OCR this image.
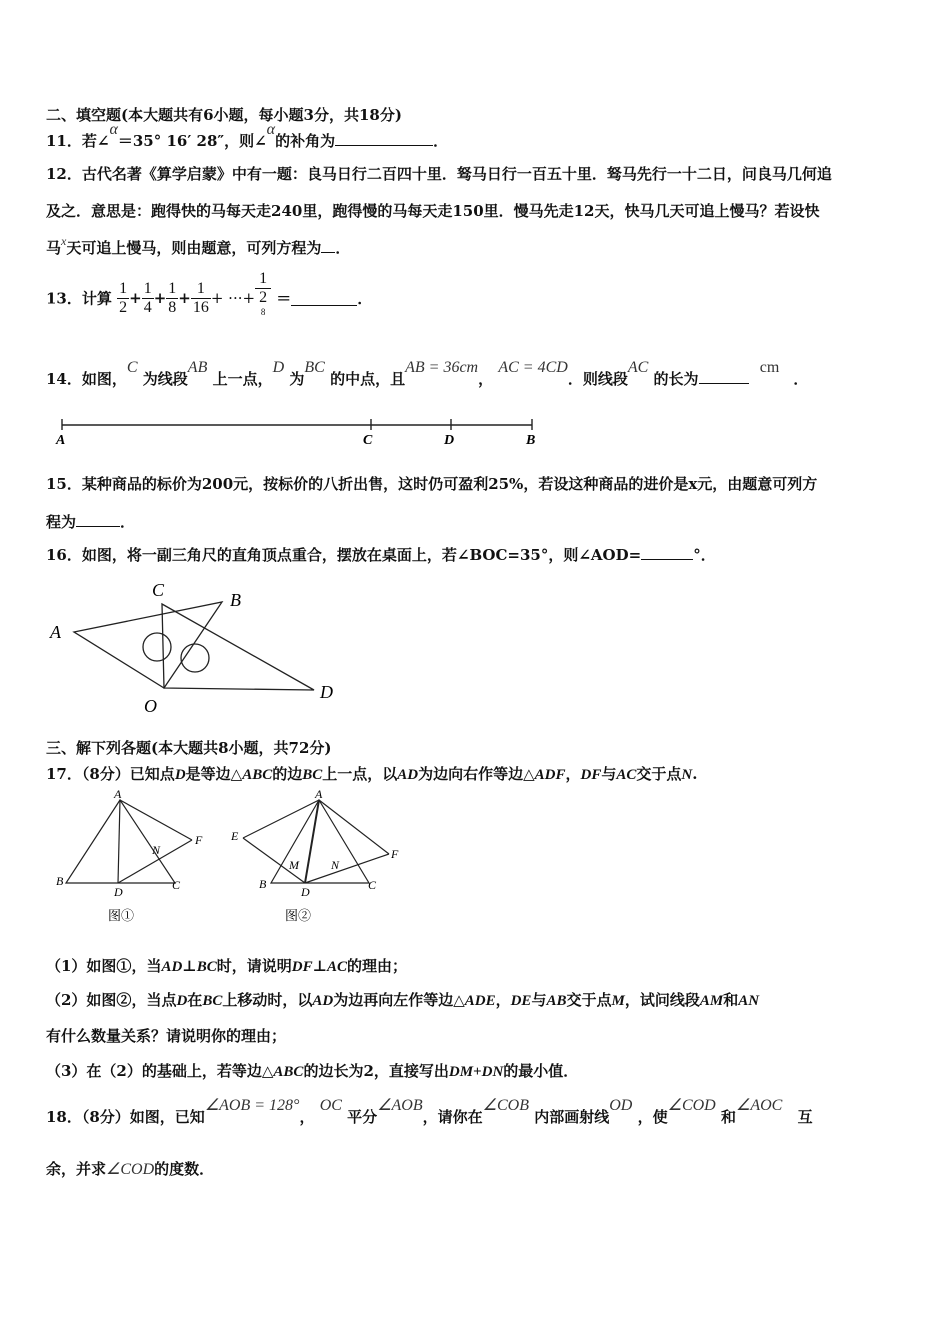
二、填空题(本大题共有6小题，每小题3分，共18分)
11．若∠α＝35° 16′ 28″，则∠α的补角为	．
12．古代名著《算学启蒙》中有一题：良马日行二百四十里．驽马日行一百五十里．驽马先行一十二日，问良马几何追
及之．意思是：跑得快的马每天走240里，跑得慢的马每天走150里．慢马先走12天，快马几天可追上慢马？若设快
马$^x$天可追上慢马，则由题意，可列方程为 ．
13．计算 $\frac{1}{2} + \frac{1}{4} + \frac{1}{8} + \frac{1}{16}$ + ···+ 1
2
$^8$ ＝	．
14．如图，C 为线段AB 上一点，D 为BC 的中点，且AB = 36cm， AC = 4CD．则线段AC 的长为 cm．
A	C	D	B
15．某种商品的标价为200元，按标价的八折出售，这时仍可盈利25%，若设这种商品的进价是x元，由题意可列方
程为	．
16．如图，将一副三角尺的直角顶点重合，摆放在桌面上，若∠BOC=35°，则∠AOD=	°．
C	B
A
O
D
三、解下列各题(本大题共8小题，共72分)
17．（8分）已知点D是等边△ABC的边BC上一点，以AD为边向右作等边△ADF，DF与AC交于点N.
A
F
N
B
D	C
图①
A
E
F
M	N
B
D	C
图②
（1）如图①，当AD⊥BC时，请说明DF⊥AC的理由；
（2）如图②，当点D在BC上移动时，以AD为边再向左作等边△ADE，DE与AB交于点M，试问线段AM和AN
有什么数量关系？请说明你的理由；
（3）在（2）的基础上，若等边△ABC的边长为2，直接写出DM+DN的最小值．
18．（8分）如图，已知∠AOB = 128°， OC 平分∠AOB，请你在∠COB 内部画射线OD ，使∠COD 和∠AOC 互
余，并求∠COD的度数．
